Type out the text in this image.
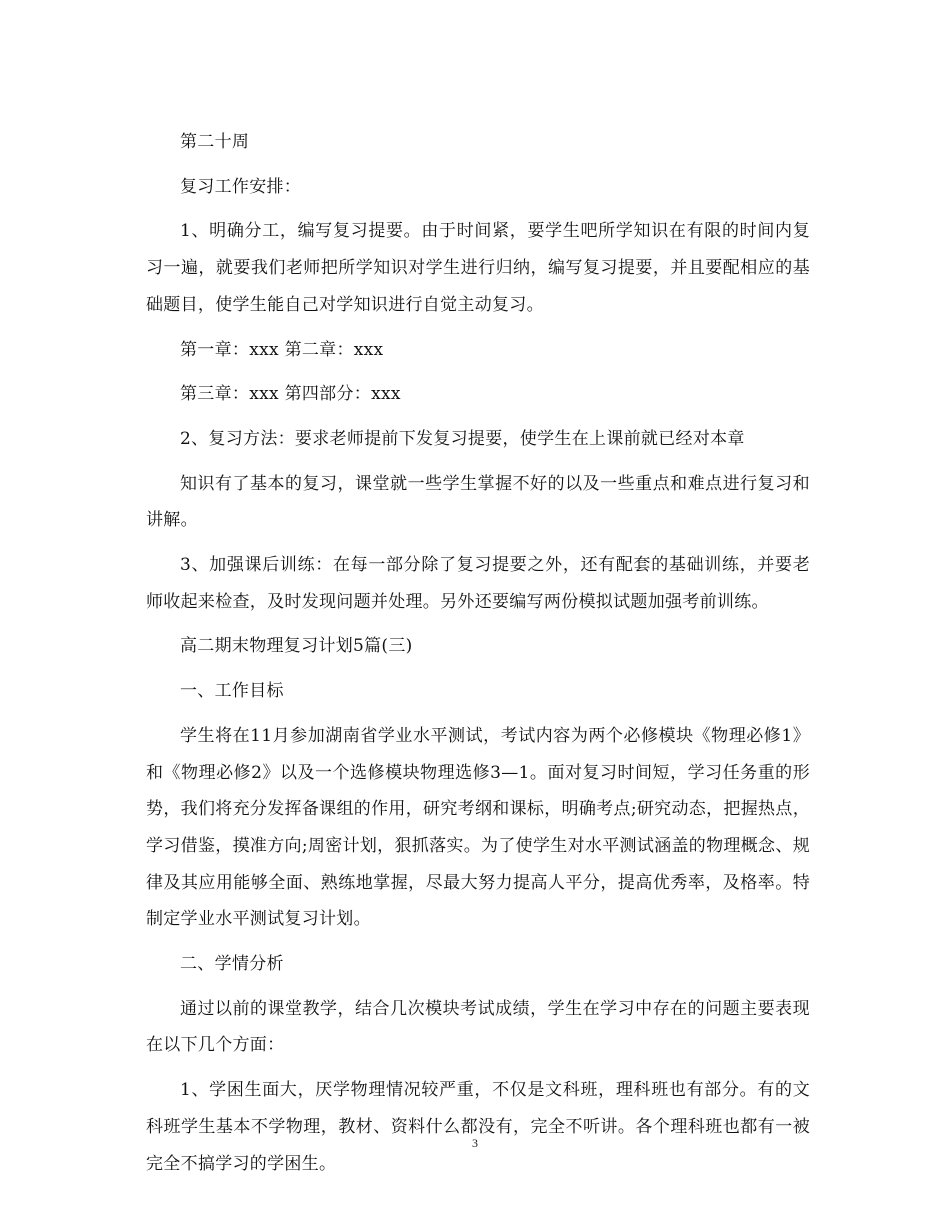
第二十周

复习工作安排：

1、明确分工，编写复习提要。由于时间紧，要学生吧所学知识在有限的时间内复习一遍，就要我们老师把所学知识对学生进行归纳，编写复习提要，并且要配相应的基础题目，使学生能自己对学知识进行自觉主动复习。

第一章：xxx 第二章：xxx

第三章：xxx 第四部分：xxx

2、复习方法：要求老师提前下发复习提要，使学生在上课前就已经对本章

知识有了基本的复习，课堂就一些学生掌握不好的以及一些重点和难点进行复习和讲解。

3、加强课后训练：在每一部分除了复习提要之外，还有配套的基础训练，并要老师收起来检查，及时发现问题并处理。另外还要编写两份模拟试题加强考前训练。

高二期末物理复习计划5篇(三)

一、工作目标

学生将在11月参加湖南省学业水平测试，考试内容为两个必修模块《物理必修1》和《物理必修2》以及一个选修模块物理选修3—1。面对复习时间短，学习任务重的形势，我们将充分发挥备课组的作用，研究考纲和课标，明确考点;研究动态，把握热点，学习借鉴，摸准方向;周密计划，狠抓落实。为了使学生对水平测试涵盖的物理概念、规律及其应用能够全面、熟练地掌握，尽最大努力提高人平分，提高优秀率，及格率。特制定学业水平测试复习计划。

二、学情分析

通过以前的课堂教学，结合几次模块考试成绩，学生在学习中存在的问题主要表现在以下几个方面：

1、学困生面大，厌学物理情况较严重，不仅是文科班，理科班也有部分。有的文科班学生基本不学物理，教材、资料什么都没有，完全不听讲。各个理科班也都有一被完全不搞学习的学困生。

3
